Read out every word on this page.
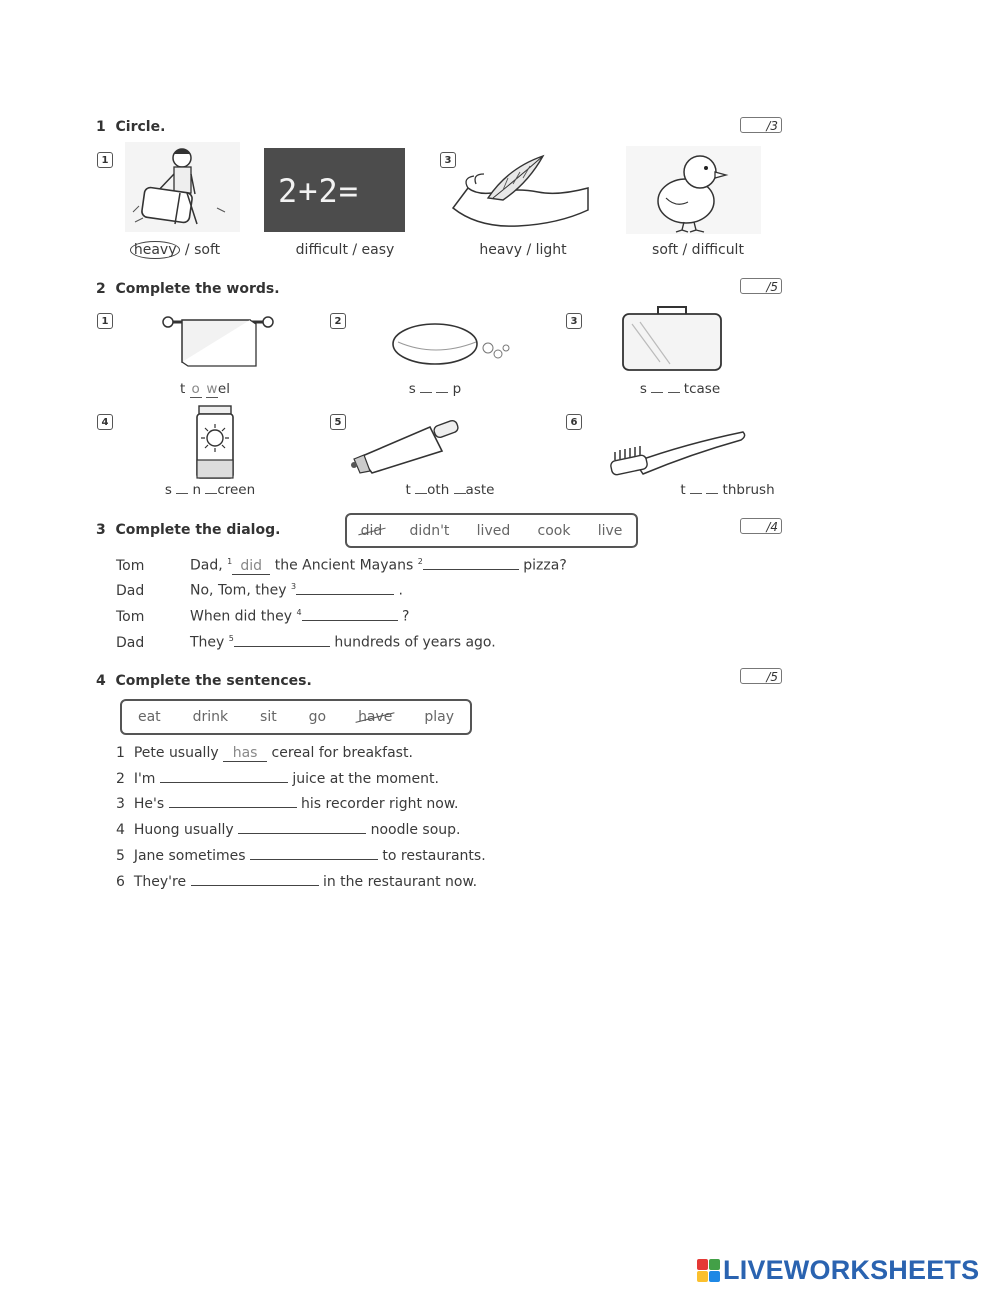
1 Circle.	/3
1
heavy / soft
2+2=
difficult / easy
3
heavy / light	soft / difficult
2 Complete the words.	/5
1
t o wel
2
s	p
3
s	tcase
4
s n creen
5
t oth aste
6
t	thbrush
3 Complete the dialog.	did didn't lived cook live	/4
Tom	Dad, $^1$ did the Ancient Mayans $^2$	pizza?
Dad	No, Tom, they $^3$	.
Tom	When did they $^4$	?
Dad	They $^5$	hundreds of years ago.
4 Complete the sentences.	/5
eat drink sit go have play
1 Pete usually has cereal for breakfast.
2 I'm	juice at the moment.
3 He's	his recorder right now.
4 Huong usually	noodle soup.
5 Jane sometimes	to restaurants.
6 They're	in the restaurant now.
LIVEWORKSHEETS
